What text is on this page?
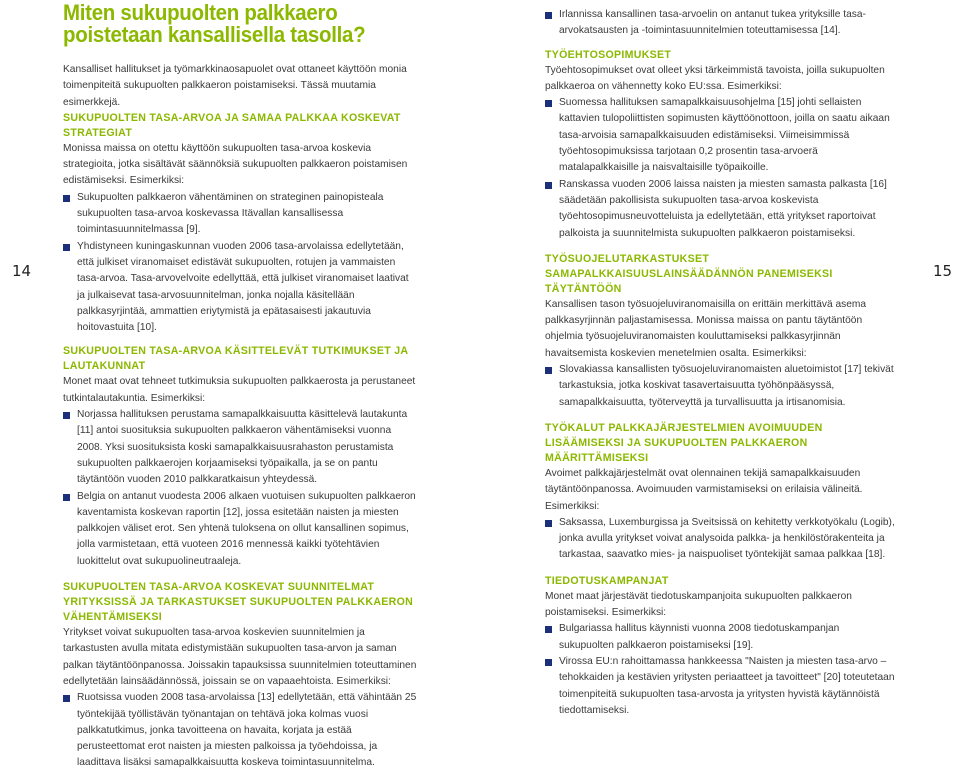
14	15
Miten sukupuolten palkkaero poistetaan kansallisella tasolla?

Kansalliset hallitukset ja työmarkkinaosapuolet ovat ottaneet käyttöön monia toimenpiteitä sukupuolten palkkaeron poistamiseksi. Tässä muutamia esimerkkejä.

SUKUPUOLTEN TASA-ARVOA JA SAMAA PALKKAA KOSKEVAT STRATEGIAT

Monissa maissa on otettu käyttöön sukupuolten tasa-arvoa koskevia strategioita, jotka sisältävät säännöksiä sukupuolten palkkaeron poistamisen edistämiseksi. Esimerkiksi:

Sukupuolten palkkaeron vähentäminen on strateginen painopisteala sukupuolten tasa-arvoa koskevassa Itävallan kansallisessa toimintasuunnitelmassa [9].
Yhdistyneen kuningaskunnan vuoden 2006 tasa-arvolaissa edellytetään, että julkiset viranomaiset edistävät sukupuolten, rotujen ja vammaisten tasa-arvoa. Tasa-arvovelvoite edellyttää, että julkiset viranomaiset laativat ja julkaisevat tasa-arvosuunnitelman, jonka nojalla käsitellään palkkasyrjintää, ammattien eriytymistä ja epätasaisesti jakautuvia hoitovastuita [10].
SUKUPUOLTEN TASA-ARVOA KÄSITTELEVÄT TUTKIMUKSET JA LAUTAKUNNAT

Monet maat ovat tehneet tutkimuksia sukupuolten palkkaerosta ja perustaneet tutkintalautakuntia. Esimerkiksi:

Norjassa hallituksen perustama samapalkkaisuutta käsittelevä lautakunta [11] antoi suosituksia sukupuolten palkkaeron vähentämiseksi vuonna 2008. Yksi suosituksista koski samapalkkaisuusrahaston perustamista sukupuolten palkkaerojen korjaamiseksi työpaikalla, ja se on pantu täytäntöön vuoden 2010 palkkaratkaisun yhteydessä.
Belgia on antanut vuodesta 2006 alkaen vuotuisen sukupuolten palkkaeron kaventamista koskevan raportin [12], jossa esitetään naisten ja miesten palkkojen väliset erot. Sen yhtenä tuloksena on ollut kansallinen sopimus, jolla varmistetaan, että vuoteen 2016 mennessä kaikki työtehtävien luokittelut ovat sukupuolineutraaleja.
SUKUPUOLTEN TASA-ARVOA KOSKEVAT SUUNNITELMAT YRITYKSISSÄ JA TARKASTUKSET SUKUPUOLTEN PALKKAERON VÄHENTÄMISEKSI

Yritykset voivat sukupuolten tasa-arvoa koskevien suunnitelmien ja tarkastusten avulla mitata edistymistään sukupuolten tasa-arvon ja saman palkan täytäntöönpanossa. Joissakin tapauksissa suunnitelmien toteuttaminen edellytetään lainsäädännössä, joissain se on vapaaehtoista. Esimerkiksi:

Ruotsissa vuoden 2008 tasa-arvolaissa [13] edellytetään, että vähintään 25 työntekijää työllistävän työnantajan on tehtävä joka kolmas vuosi palkkatutkimus, jonka tavoitteena on havaita, korjata ja estää perusteettomat erot naisten ja miesten palkoissa ja työehdoissa, ja laadittava lisäksi samapalkkaisuutta koskeva toimintasuunnitelma.
Irlannissa kansallinen tasa-arvoelin on antanut tukea yrityksille tasa-arvokatsausten ja -toimintasuunnitelmien toteuttamisessa [14].
TYÖEHTOSOPIMUKSET

Työehtosopimukset ovat olleet yksi tärkeimmistä tavoista, joilla sukupuolten palkkaeroa on vähennetty koko EU:ssa. Esimerkiksi:

Suomessa hallituksen samapalkkaisuusohjelma [15] johti sellaisten kattavien tulopoliittisten sopimusten käyttöönottoon, joilla on saatu aikaan tasa-arvoisia samapalkkaisuuden edistämiseksi. Viimeisimmissä työehtosopimuksissa tarjotaan 0,2 prosentin tasa-arvoerä matalapalkkaisille ja naisvaltaisille työpaikoille.
Ranskassa vuoden 2006 laissa naisten ja miesten samasta palkasta [16] säädetään pakollisista sukupuolten tasa-arvoa koskevista työehtosopimusneuvotteluista ja edellytetään, että yritykset raportoivat palkoista ja suunnitelmista sukupuolten palkkaeron poistamiseksi.
TYÖSUOJELUTARKASTUKSET SAMAPALKKAISUUSLAINSÄÄDÄNNÖN PANEMISEKSI TÄYTÄNTÖÖN

Kansallisen tason työsuojeluviranomaisilla on erittäin merkittävä asema palkkasyrjinnän paljastamisessa. Monissa maissa on pantu täytäntöön ohjelmia työsuojeluviranomaisten kouluttamiseksi palkkasyrjinnän havaitsemista koskevien menetelmien osalta. Esimerkiksi:

Slovakiassa kansallisten työsuojeluviranomaisten aluetoimistot [17] tekivät tarkastuksia, jotka koskivat tasavertaisuutta työhönpääsyssä, samapalkkaisuutta, työterveyttä ja turvallisuutta ja irtisanomisia.
TYÖKALUT PALKKAJÄRJESTELMIEN AVOIMUUDEN LISÄÄMISEKSI JA SUKUPUOLTEN PALKKAERON MÄÄRITTÄMISEKSI

Avoimet palkkajärjestelmät ovat olennainen tekijä samapalkkaisuuden täytäntöönpanossa. Avoimuuden varmistamiseksi on erilaisia välineitä. Esimerkiksi:

Saksassa, Luxemburgissa ja Sveitsissä on kehitetty verkkotyökalu (Logib), jonka avulla yritykset voivat analysoida palkka- ja henkilöstörakenteita ja tarkastaa, saavatko mies- ja naispuoliset työntekijät samaa palkkaa [18].
TIEDOTUSKAMPANJAT

Monet maat järjestävät tiedotuskampanjoita sukupuolten palkkaeron poistamiseksi. Esimerkiksi:

Bulgariassa hallitus käynnisti vuonna 2008 tiedotuskampanjan sukupuolten palkkaeron poistamiseksi [19].
Virossa EU:n rahoittamassa hankkeessa "Naisten ja miesten tasa-arvo – tehokkaiden ja kestävien yritysten periaatteet ja tavoitteet" [20] toteutetaan toimenpiteitä sukupuolten tasa-arvosta ja yritysten hyvistä käytännöistä tiedottamiseksi.
